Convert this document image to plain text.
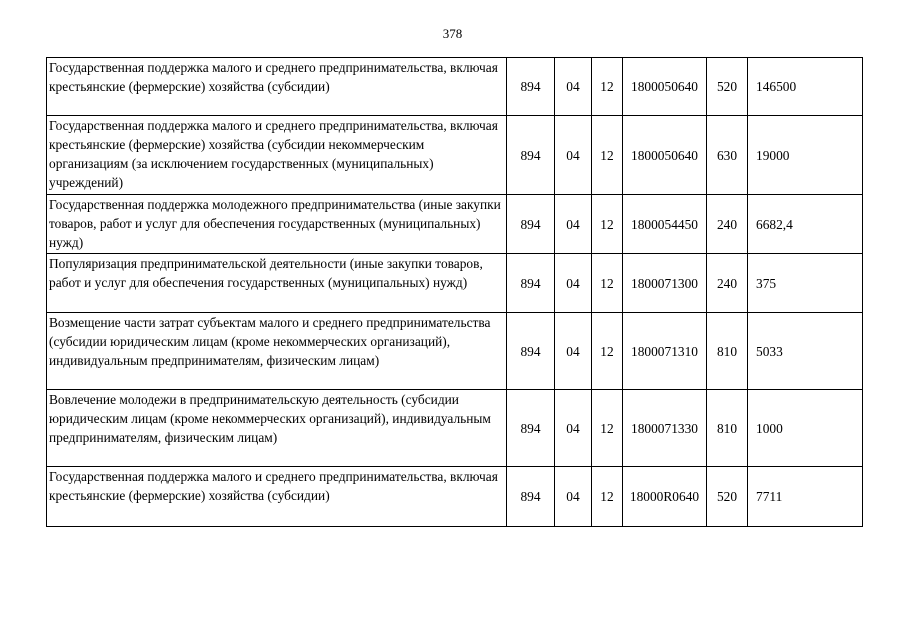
378
Государственная поддержка малого и среднего предпринимательства, включая крестьянские (фермерские) хозяйства (субсидии)	894	04	12	1800050640	520	146500
Государственная поддержка малого и среднего предпринимательства, включая крестьянские (фермерские) хозяйства (субсидии некоммерческим организациям (за исключением государственных (муниципальных) учреждений)	894	04	12	1800050640	630	19000
Государственная поддержка молодежного предпринимательства (иные закупки товаров, работ и услуг для обеспечения государственных (муниципальных) нужд)	894	04	12	1800054450	240	6682,4
Популяризация предпринимательской деятельности (иные закупки товаров, работ и услуг для обеспечения государственных (муниципальных) нужд)	894	04	12	1800071300	240	375
Возмещение части затрат субъектам малого и среднего предпринимательства (субсидии юридическим лицам (кроме некоммерческих организаций), индивидуальным предпринимателям, физическим лицам)	894	04	12	1800071310	810	5033
Вовлечение молодежи в предпринимательскую деятельность (субсидии юридическим лицам (кроме некоммерческих организаций), индивидуальным предпринимателям, физическим лицам)	894	04	12	1800071330	810	1000
Государственная поддержка малого и среднего предпринимательства, включая крестьянские (фермерские) хозяйства (субсидии)	894	04	12	18000R0640	520	7711
